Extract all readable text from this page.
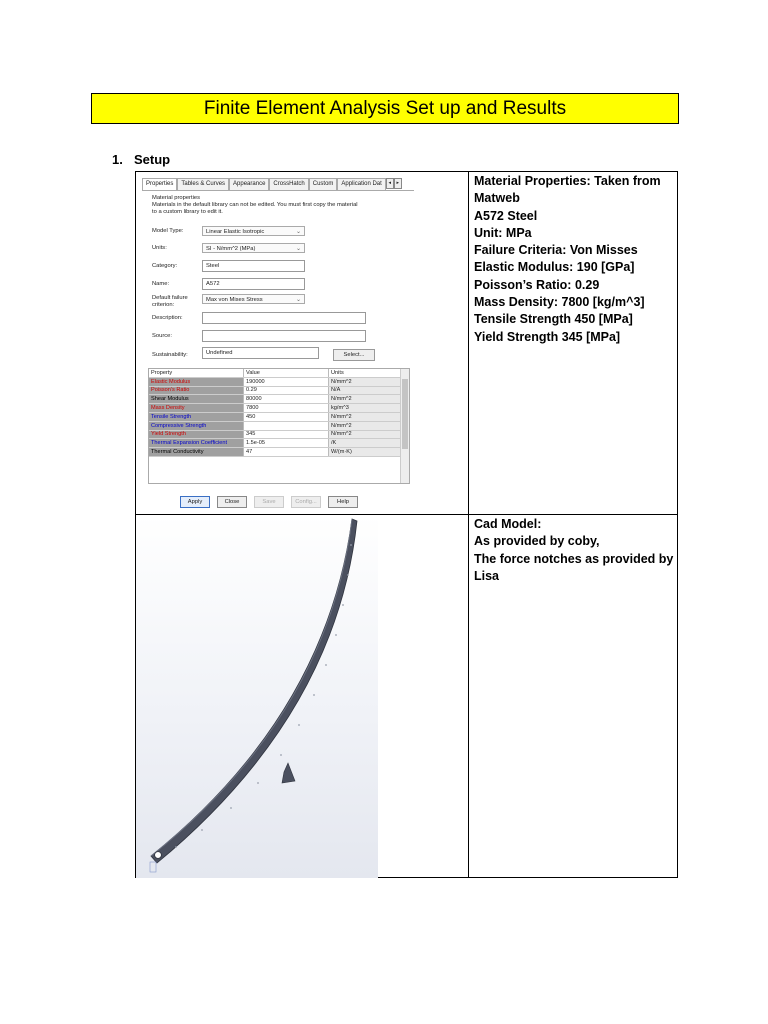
Finite Element Analysis Set up and Results
1. Setup
Properties	Tables & Curves	Appearance	CrossHatch	Custom	Application Dat	◂	▸
Material properties
Materials in the default library can not be edited. You must first copy the material
to a custom library to edit it.
Model Type:	Linear Elastic Isotropic	⌄
Units:	SI - N/mm^2 (MPa)	⌄
Category:	Steel
Name:	A572
Default failure
criterion:
Max von Mises Stress	⌄
Description:
Source:
Sustainability:	Undefined	Select...
Property	Value	Units
Elastic Modulus	190000	N/mm^2
Poisson's Ratio	0.29	N/A
Shear Modulus	80000	N/mm^2
Mass Density	7800	kg/m^3
Tensile Strength	450	N/mm^2
Compressive Strength		N/mm^2
Yield Strength	345	N/mm^2
Thermal Expansion Coefficient	1.5e-05	/K
Thermal Conductivity	47	W/(m·K)
Apply	Close	Save	Config...	Help
Material Properties: Taken from
Matweb
A572 Steel
Unit: MPa
Failure Criteria: Von Misses
Elastic Modulus: 190 [GPa]
Poisson’s Ratio: 0.29
Mass Density: 7800 [kg/m^3]
Tensile Strength 450 [MPa]
Yield Strength 345 [MPa]
Cad Model:
As provided by coby,
The force notches as provided by
Lisa
